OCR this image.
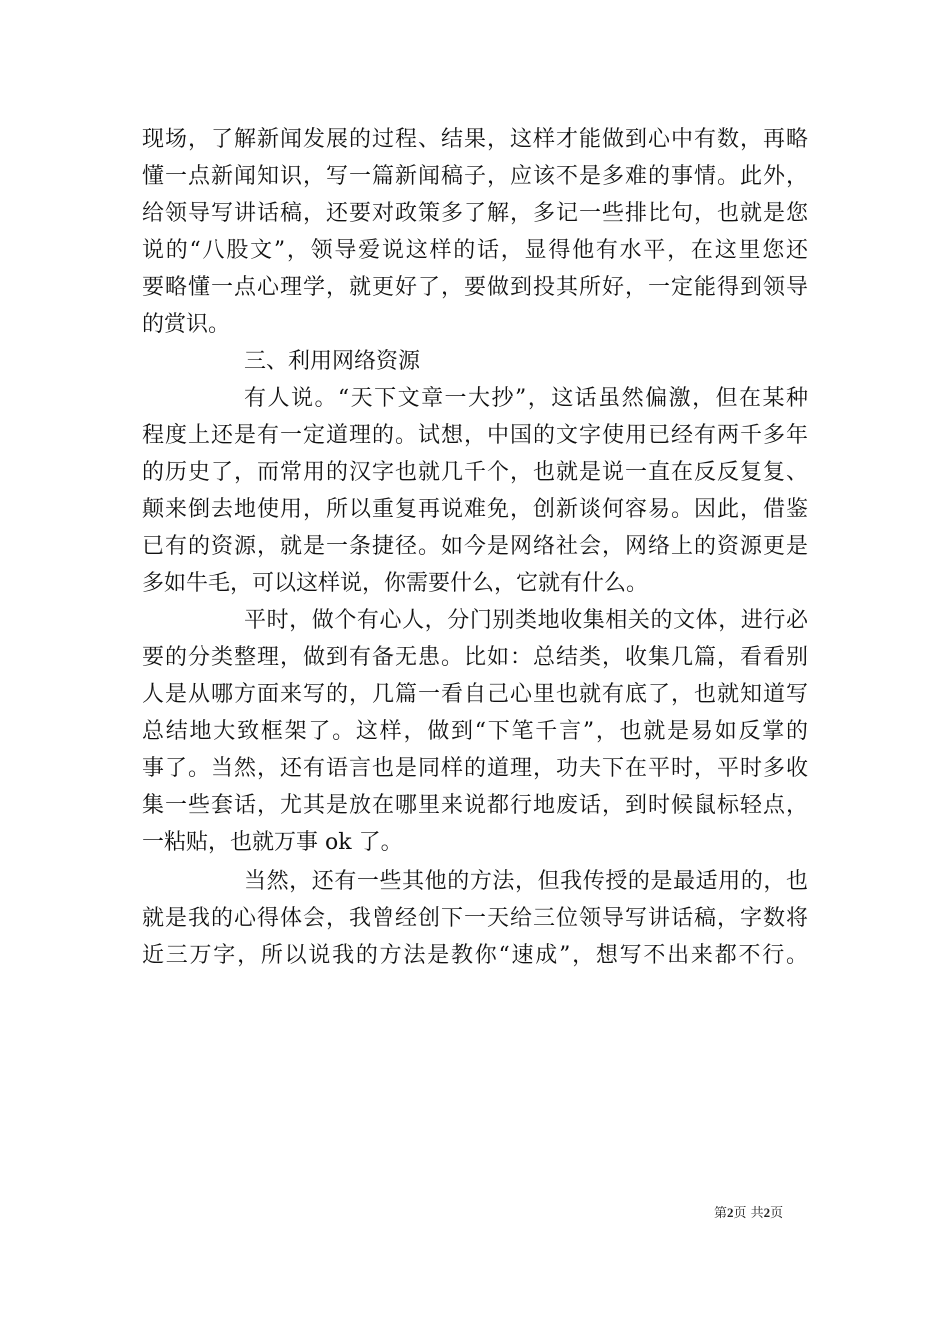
现场，了解新闻发展的过程、结果，这样才能做到心中有数，再略
懂一点新闻知识，写一篇新闻稿子，应该不是多难的事情。此外，
给领导写讲话稿，还要对政策多了解，多记一些排比句，也就是您
说的“八股文”，领导爱说这样的话，显得他有水平，在这里您还
要略懂一点心理学，就更好了，要做到投其所好，一定能得到领导
的赏识。
三、利用网络资源
有人说。“天下文章一大抄”，这话虽然偏激，但在某种
程度上还是有一定道理的。试想，中国的文字使用已经有两千多年
的历史了，而常用的汉字也就几千个，也就是说一直在反反复复、
颠来倒去地使用，所以重复再说难免，创新谈何容易。因此，借鉴
已有的资源，就是一条捷径。如今是网络社会，网络上的资源更是
多如牛毛，可以这样说，你需要什么，它就有什么。
平时，做个有心人，分门别类地收集相关的文体，进行必
要的分类整理，做到有备无患。比如：总结类，收集几篇，看看别
人是从哪方面来写的，几篇一看自己心里也就有底了，也就知道写
总结地大致框架了。这样，做到“下笔千言”，也就是易如反掌的
事了。当然，还有语言也是同样的道理，功夫下在平时，平时多收
集一些套话，尤其是放在哪里来说都行地废话，到时候鼠标轻点，
一粘贴，也就万事 ok 了。
当然，还有一些其他的方法，但我传授的是最适用的，也
就是我的心得体会，我曾经创下一天给三位领导写讲话稿，字数将
近三万字，所以说我的方法是教你“速成”，想写不出来都不行。
第2页 共2页
